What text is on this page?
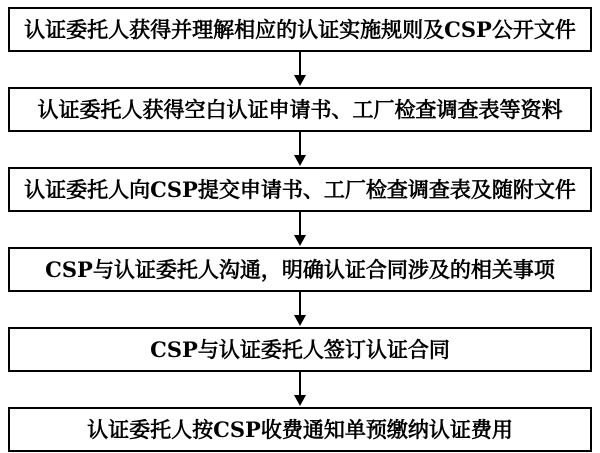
认证委托人获得并理解相应的认证实施规则及CSP公开文件
认证委托人获得空白认证申请书、工厂检查调查表等资料
认证委托人向CSP提交申请书、工厂检查调查表及随附文件
CSP与认证委托人沟通，明确认证合同涉及的相关事项
CSP与认证委托人签订认证合同
认证委托人按CSP收费通知单预缴纳认证费用
